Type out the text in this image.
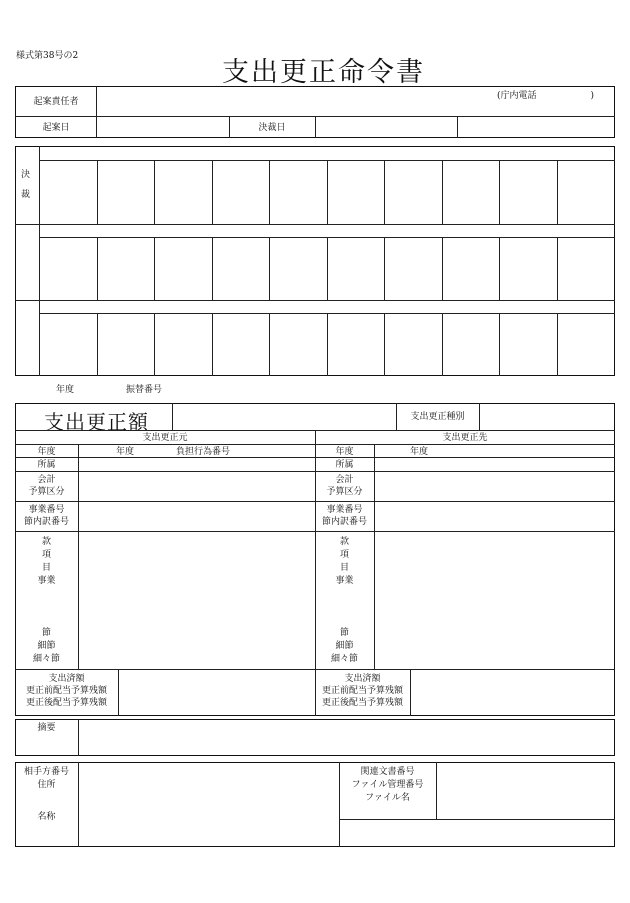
様式第38号の2
支出更正命令書
起案責任者
(庁内電話　　　　　　)
起案日	決裁日
決
裁
年度	振替番号
支出更正額	支出更正種別
支出更正元	支出更正先
年度	年度	負担行為番号
所属
会計
予算区分
事業番号
節内訳番号
款
項
目
事業
節
細節
細々節
支出済額
更正前配当予算残額
更正後配当予算残額
年度	年度
所属
会計
予算区分
事業番号
節内訳番号
款
項
目
事業
節
細節
細々節
支出済額
更正前配当予算残額
更正後配当予算残額
摘要
相手方番号
住所
名称
関連文書番号
ファイル管理番号
ファイル名
